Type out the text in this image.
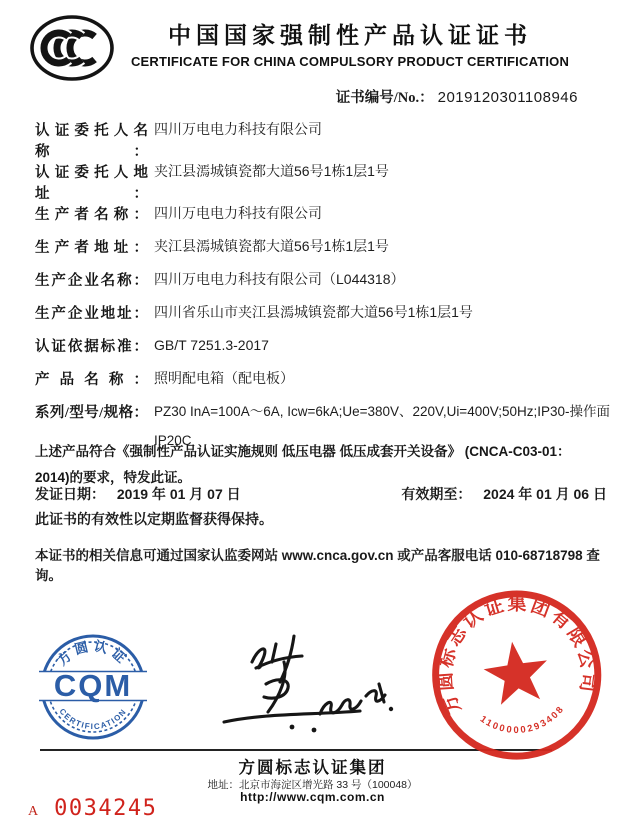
中国国家强制性产品认证证书
CERTIFICATE FOR CHINA COMPULSORY PRODUCT CERTIFICATION
证书编号/No.： 2019120301108946
认证委托人名称：
四川万电电力科技有限公司
认证委托人地址：
夹江县漹城镇瓷都大道56号1栋1层1号
生产者名称： 四川万电电力科技有限公司
生产者地址： 夹江县漹城镇瓷都大道56号1栋1层1号
生产企业名称： 四川万电电力科技有限公司（L044318）
生产企业地址： 四川省乐山市夹江县漹城镇瓷都大道56号1栋1层1号
认证依据标准： GB/T 7251.3-2017
产品名称： 照明配电箱（配电板）
系列/型号/规格： PZ30 InA=100A～6A, Icw=6kA;Ue=380V、220V,Ui=400V;50Hz;IP30-操作面 IP20C
上述产品符合《强制性产品认证实施规则 低压电器 低压成套开关设备》 (CNCA-C03-01：2014)的要求，特发此证。
发证日期： 2019 年 01 月 07 日	有效期至： 2024 年 01 月 06 日
此证书的有效性以定期监督获得保持。
本证书的相关信息可通过国家认监委网站 www.cnca.gov.cn 或产品客服电话 010-68718798 查询。
方圆认证
CQM
CERTIFICATION	方圆标志认证集团有限公司
1100000293408
方圆标志认证集团
地址：北京市海淀区增光路 33 号（100048）
http://www.cqm.com.cn
A 0034245
